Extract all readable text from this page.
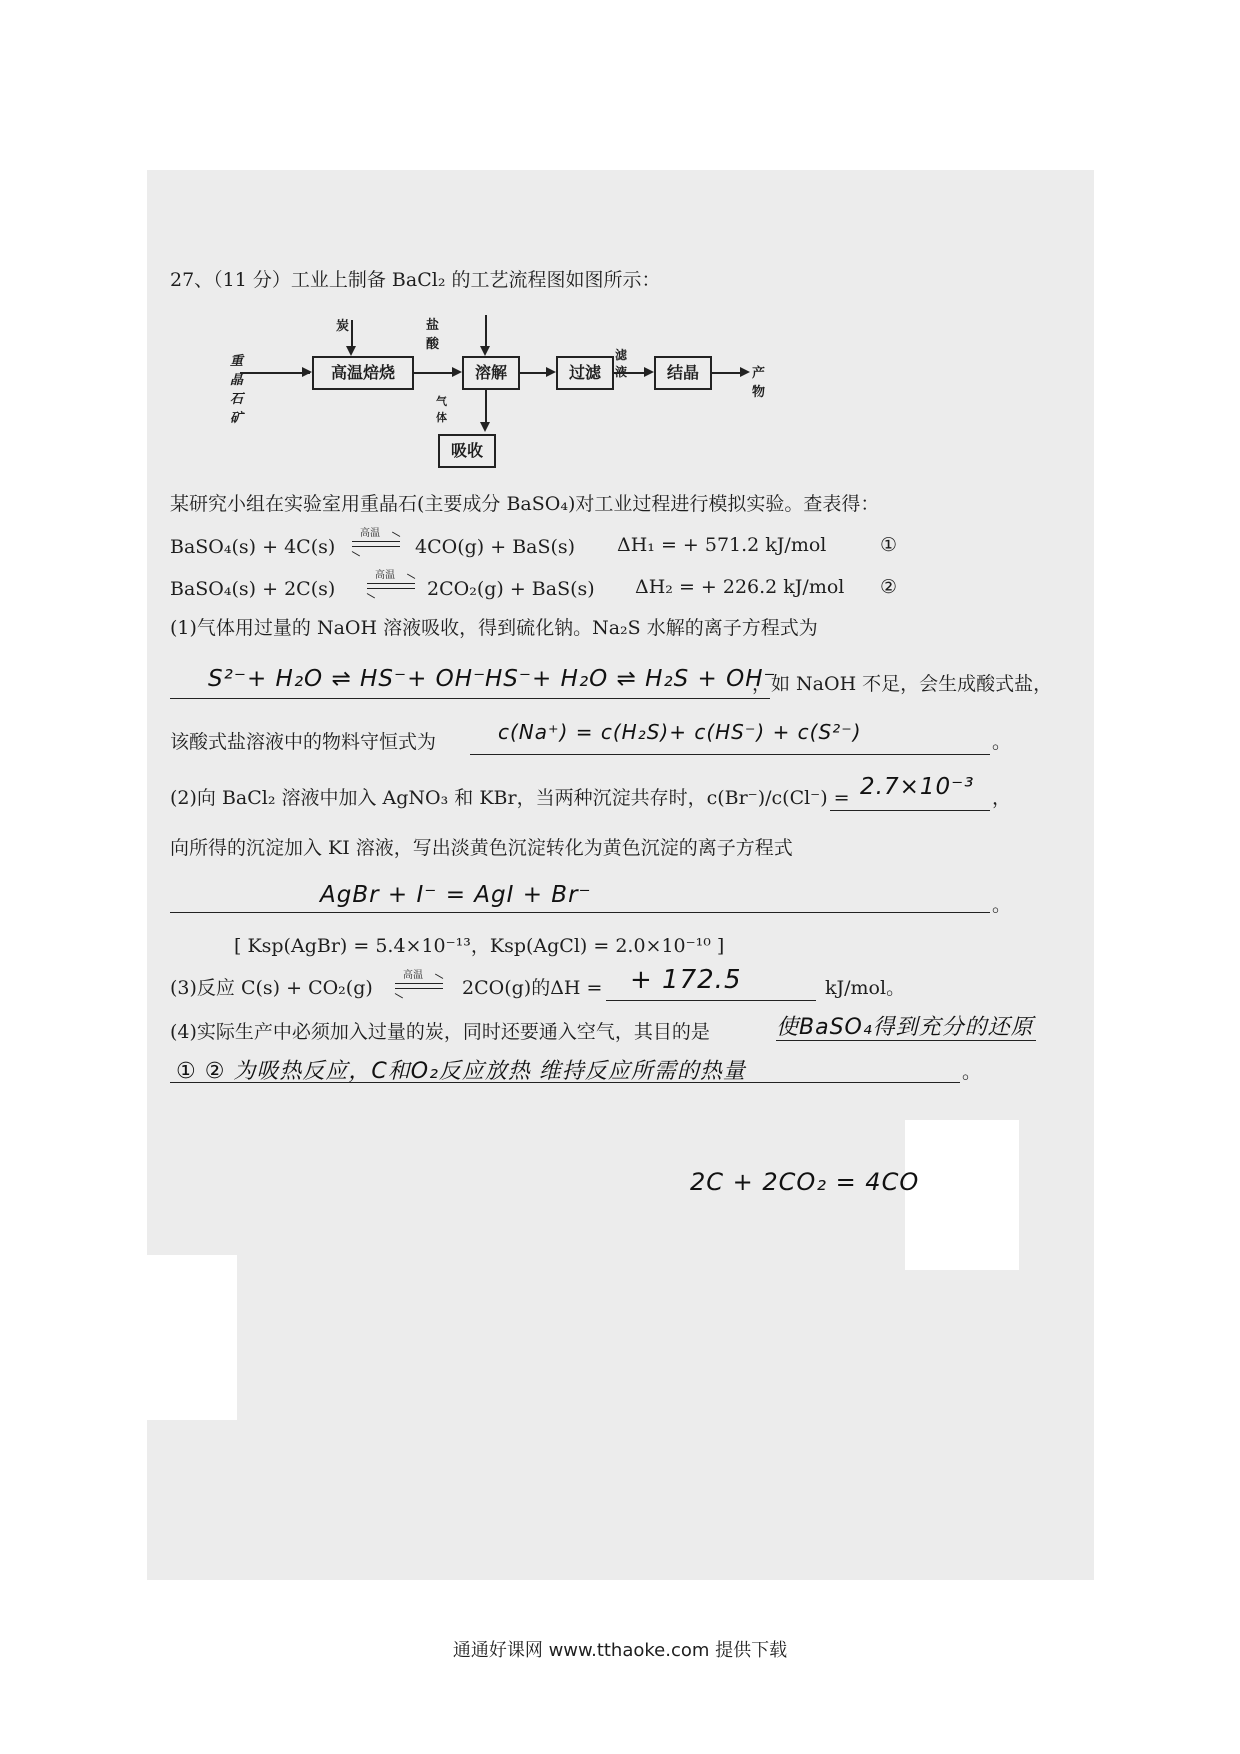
27、（11 分）工业上制备 BaCl₂ 的工艺流程图如图所示：
重晶石矿
高温焙烧
炭
溶解
盐酸
气体
吸收
过滤
滤液	结晶	产物
某研究小组在实验室用重晶石(主要成分 BaSO₄)对工业过程进行模拟实验。查表得：
BaSO₄(s) + 4C(s)
高温
4CO(g) + BaS(s) ΔH₁ = + 571.2 kJ/mol	①
BaSO₄(s) + 2C(s)
高温
2CO₂(g) + BaS(s) ΔH₂ = + 226.2 kJ/mol ②
(1)气体用过量的 NaOH 溶液吸收，得到硫化钠。Na₂S 水解的离子方程式为
S²⁻+ H₂O ⇌ HS⁻+ OH⁻
HS⁻+ H₂O ⇌ H₂S + OH⁻
，如 NaOH 不足，会生成酸式盐，
该酸式盐溶液中的物料守恒式为	c(Na⁺) = c(H₂S)+ c(HS⁻) + c(S²⁻)	。
(2)向 BaCl₂ 溶液中加入 AgNO₃ 和 KBr，当两种沉淀共存时，c(Br⁻)/c(Cl⁻) = 2.7×10⁻³ ，
向所得的沉淀加入 KI 溶液，写出淡黄色沉淀转化为黄色沉淀的离子方程式
AgBr + I⁻ = AgI + Br⁻	。
[ Ksp(AgBr) = 5.4×10⁻¹³，Ksp(AgCl) = 2.0×10⁻¹⁰ ]
(3)反应 C(s) + CO₂(g)
高温
2CO(g)的ΔH = + 172.5	kJ/mol。
(4)实际生产中必须加入过量的炭，同时还要通入空气，其目的是	使BaSO₄得到充分的还原
① ② 为吸热反应，C和O₂反应放热 维持反应所需的热量	。
2C + 2CO₂ = 4CO
通通好课网 www.tthaoke.com 提供下载
